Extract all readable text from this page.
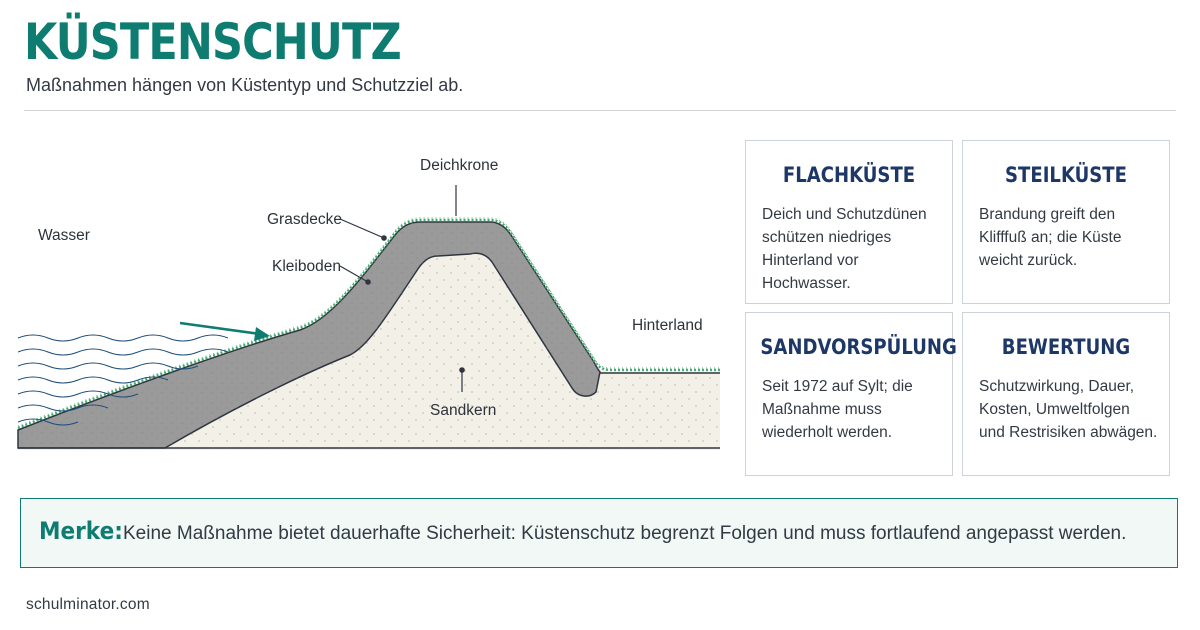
KÜSTENSCHUTZ

Maßnahmen hängen von Küstentyp und Schutzziel ab.

Deichkrone
Grasdecke
Kleiboden
Wasser
Hinterland
Sandkern
FLACHKÜSTE

Deich und Schutzdünen schützen niedriges Hinterland vor Hochwasser.

STEILKÜSTE

Brandung greift den Klifffuß an; die Küste weicht zurück.

SANDVORSPÜLUNG

Seit 1972 auf Sylt; die Maßnahme muss wiederholt werden.

BEWERTUNG

Schutzwirkung, Dauer, Kosten, Umweltfolgen und Restrisiken abwägen.

Merke: Keine Maßnahme bietet dauerhafte Sicherheit: Küstenschutz begrenzt Folgen und muss fortlaufend angepasst werden.
schulminator.com
